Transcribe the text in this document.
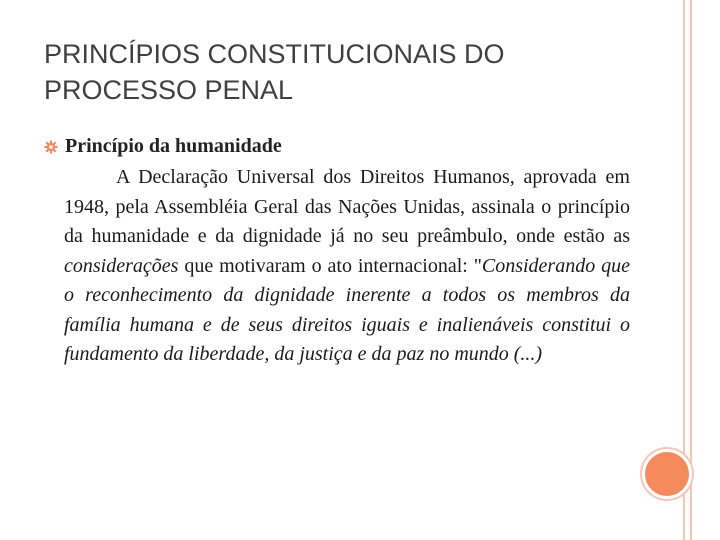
PRINCÍPIOS CONSTITUCIONAIS DO PROCESSO PENAL
Princípio da humanidade

A Declaração Universal dos Direitos Humanos, aprovada em 1948, pela Assembléia Geral das Nações Unidas, assinala o princípio da humanidade e da dignidade já no seu preâmbulo, onde estão as considerações que motivaram o ato internacional: "Considerando que o reconhecimento da dignidade inerente a todos os membros da família humana e de seus direitos iguais e inalienáveis constitui o fundamento da liberdade, da justiça e da paz no mundo (...)
